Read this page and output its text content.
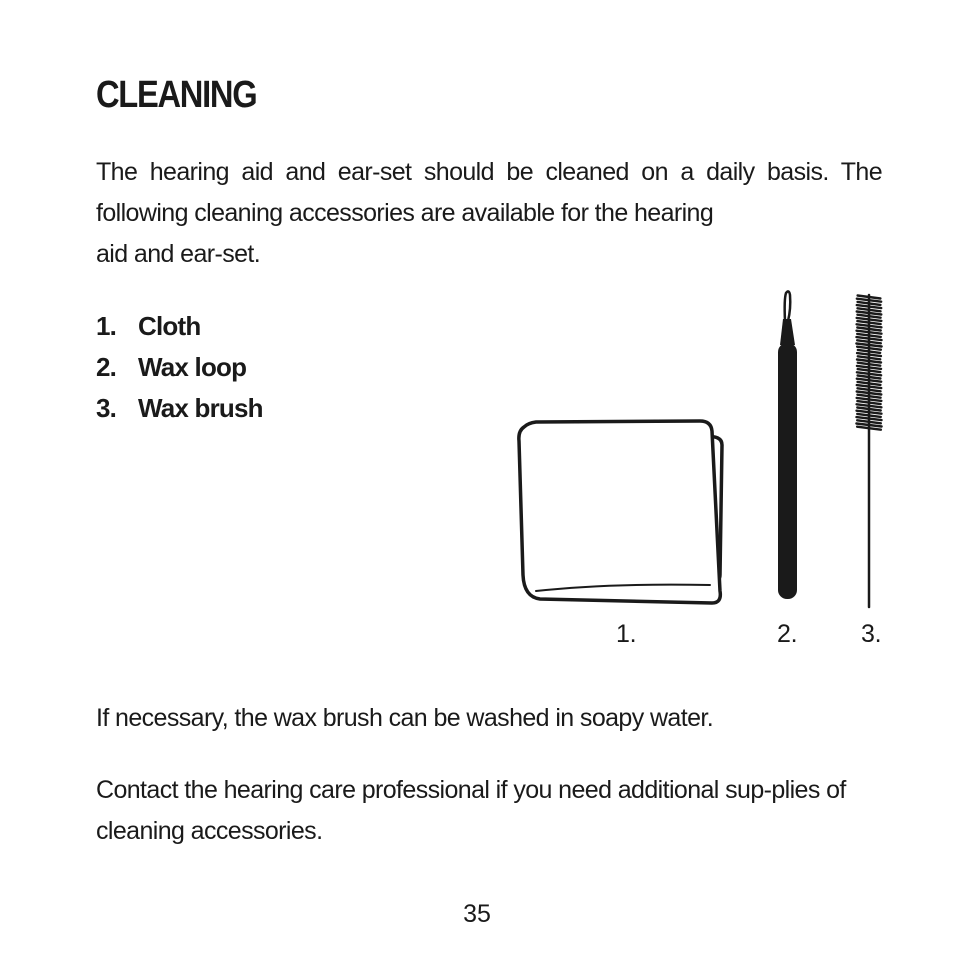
CLEANING

The hearing aid and ear-set should be cleaned on a daily basis. The following cleaning accessories are available for the hearing
aid and ear-set.

1. Cloth
2. Wax loop
3. Wax brush
1.	2.	3.

If necessary, the wax brush can be washed in soapy water.

Contact the hearing care professional if you need additional sup-plies of cleaning accessories.

35
